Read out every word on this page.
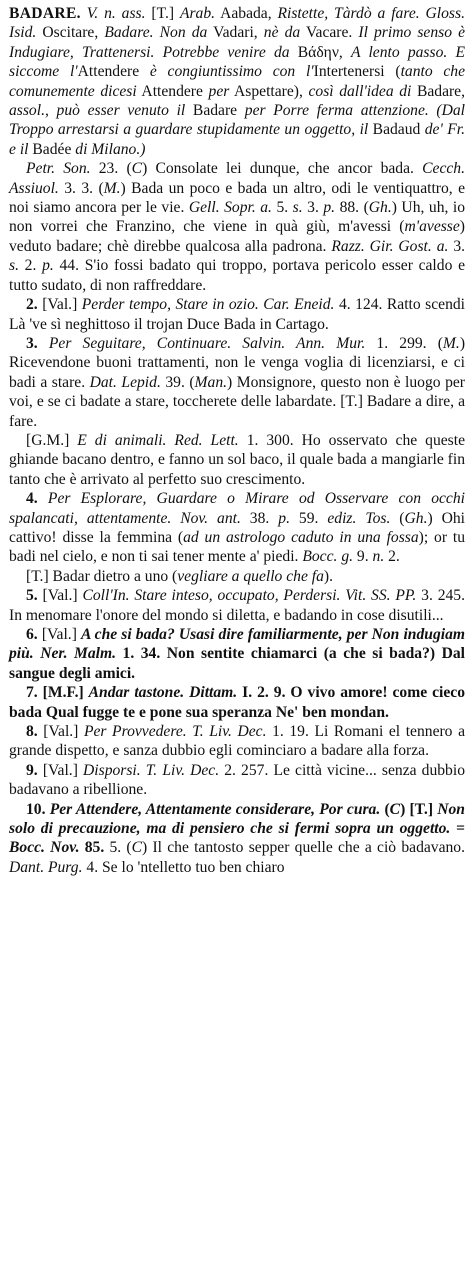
BADARE. V. n. ass. [T.] Arab. Aabada, Ristette, Tàrdò a fare. Gloss. Isid. Oscitare, Badare. Non da Vadari, nè da Vacare. Il primo senso è Indugiare, Trattenersi. Potrebbe venire da Βάδην, A lento passo. E siccome l'Attendere è congiuntissimo con l'Intertenersi (tanto che comunemente dicesi Attendere per Aspettare), così dall'idea di Badare, assol., può esser venuto il Badare per Porre ferma attenzione. (Dal Troppo arrestarsi a guardare stupidamente un oggetto, il Badaud de' Fr. e il Badée di Milano.)

Petr. Son. 23. (C) Consolate lei dunque, che ancor bada. Cecch. Assiuol. 3. 3. (M.) Bada un poco e bada un altro, odi le ventiquattro, e noi siamo ancora per le vie. Gell. Sopr. a. 5. s. 3. p. 88. (Gh.) Uh, uh, io non vorrei che Franzino, che viene in quà giù, m'avessi (m'avesse) veduto badare; chè direbbe qualcosa alla padrona. Razz. Gir. Gost. a. 3. s. 2. p. 44. S'io fossi badato qui troppo, portava pericolo esser caldo e tutto sudato, di non raffreddare.

2. [Val.] Perder tempo, Stare in ozio. Car. Eneid. 4. 124. Ratto scendi Là 've sì neghittoso il trojan Duce Bada in Cartago.

3. Per Seguitare, Continuare. Salvin. Ann. Mur. 1. 299. (M.) Ricevendone buoni trattamenti, non le venga voglia di licenziarsi, e ci badi a stare. Dat. Lepid. 39. (Man.) Monsignore, questo non è luogo per voi, e se ci badate a stare, toccherete delle labardate. [T.] Badare a dire, a fare.

[G.M.] E di animali. Red. Lett. 1. 300. Ho osservato che queste ghiande bacano dentro, e fanno un sol baco, il quale bada a mangiarle fin tanto che è arrivato al perfetto suo crescimento.

4. Per Esplorare, Guardare o Mirare od Osservare con occhi spalancati, attentamente. Nov. ant. 38. p. 59. ediz. Tos. (Gh.) Ohi cattivo! disse la femmina (ad un astrologo caduto in una fossa); or tu badi nel cielo, e non ti sai tener mente a' piedi. Bocc. g. 9. n. 2.

[T.] Badar dietro a uno (vegliare a quello che fa).

5. [Val.] Coll'In. Stare inteso, occupato, Perdersi. Vit. SS. PP. 3. 245. In menomare l'onore del mondo si diletta, e badando in cose disutili...

6. [Val.] A che si bada? Usasi dire familiarmente, per Non indugiam più. Ner. Malm. 1. 34. Non sentite chiamarci (a che si bada?) Dal sangue degli amici.

7. [M.F.] Andar tastone. Dittam. I. 2. 9. O vivo amore! come cieco bada Qual fugge te e pone sua speranza Ne' ben mondan.

8. [Val.] Per Provvedere. T. Liv. Dec. 1. 19. Li Romani el tennero a grande dispetto, e sanza dubbio egli cominciaro a badare alla forza.

9. [Val.] Disporsi. T. Liv. Dec. 2. 257. Le città vicine... senza dubbio badavano a ribellione.

10. Per Attendere, Attentamente considerare, Por cura. (C) [T.] Non solo di precauzione, ma di pensiero che si fermi sopra un oggetto. = Bocc. Nov. 85. 5. (C) Il che tantosto sepper quelle che a ciò badavano. Dant. Purg. 4. Se lo 'ntelletto tuo ben chiaro
